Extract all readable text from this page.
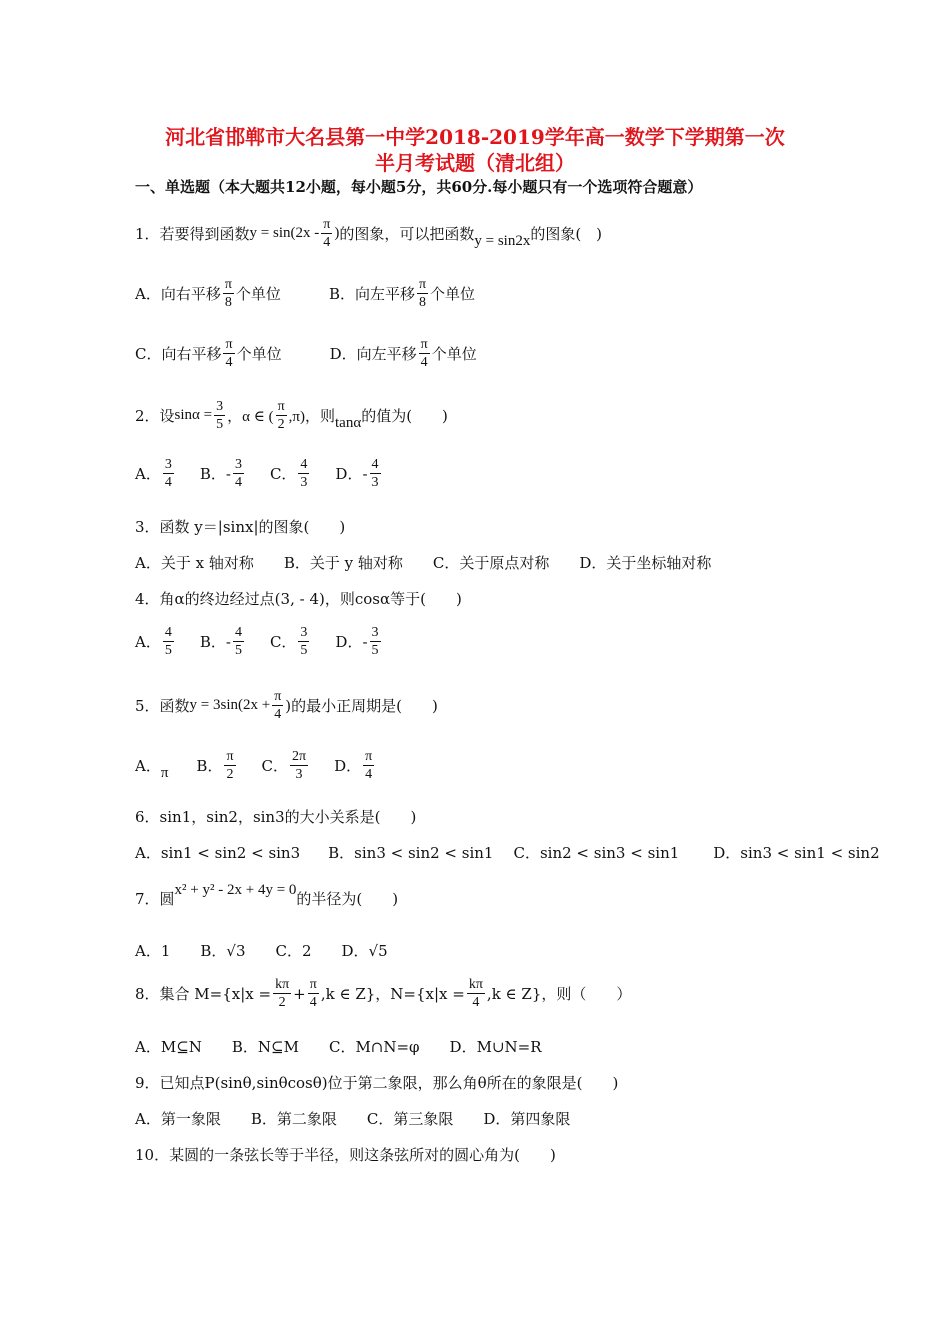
河北省邯郸市大名县第一中学2018-2019学年高一数学下学期第一次
半月考试题（清北组）
一、单选题（本大题共12小题，每小题5分，共60分.每小题只有一个选项符合题意）
1．若要得到函数 $y = \sin(2x - \frac{\pi}{4}$ ) 的图象，可以把函数 y = sin2x 的图象(　)
A．向右平移 $\frac{\pi}{8}$ 个单位	B．向左平移 $\frac{\pi}{8}$ 个单位
C．向右平移 $\frac{\pi}{4}$ 个单位	D．向左平移 $\frac{\pi}{4}$ 个单位
2．设 $\sin\alpha = \frac{3}{5}$ ，α ∈ ( $\frac{\pi}{2} ,\pi$)，则 tanα 的值为(　　)
A． $\frac{3}{4}$ B．- $\frac{3}{4}$ C． $\frac{4}{3}$ D．- $\frac{4}{3}$
3．函数 y＝|sinx|的图象(　　)
A．关于 x 轴对称　　B．关于 y 轴对称　　C．关于原点对称　　D．关于坐标轴对称
4．角α的终边经过点(3, - 4)，则cosα等于(　　)
A． $\frac{4}{5}$ B．- $\frac{4}{5}$ C． $\frac{3}{5}$ D．- $\frac{3}{5}$
5．函数 $y = 3\sin(2x + \frac{\pi}{4}$ )的最小正周期是(　　)
A． π B． $\frac{\pi}{2}$ C． $\frac{2\pi}{3}$ D． $\frac{\pi}{4}$
6．sin1，sin2，sin3的大小关系是(　　)
A．sin1 < sin2 < sin3 B．sin3 < sin2 < sin1 C．sin2 < sin3 < sin1 D．sin3 < sin1 < sin2
7．圆 x² + y² - 2x + 4y = 0 的半径为(　　)
A．1　　B．√3　　C．2　　D．√5
8．集合 $M=\{x|x = \frac{k\pi}{2} + \frac{\pi}{4} ,k$ ∈ Z}，$N=\{x|x = \frac{k\pi}{4} ,k$ ∈ Z}，则（　　）
A．M⊆N　　B．N⊆M　　C．M∩N=φ　　D．M∪N=R
9．已知点P(sinθ,sinθcosθ)位于第二象限，那么角θ所在的象限是(　　)
A．第一象限　　B．第二象限　　C．第三象限　　D．第四象限
10．某圆的一条弦长等于半径，则这条弦所对的圆心角为(　　)
